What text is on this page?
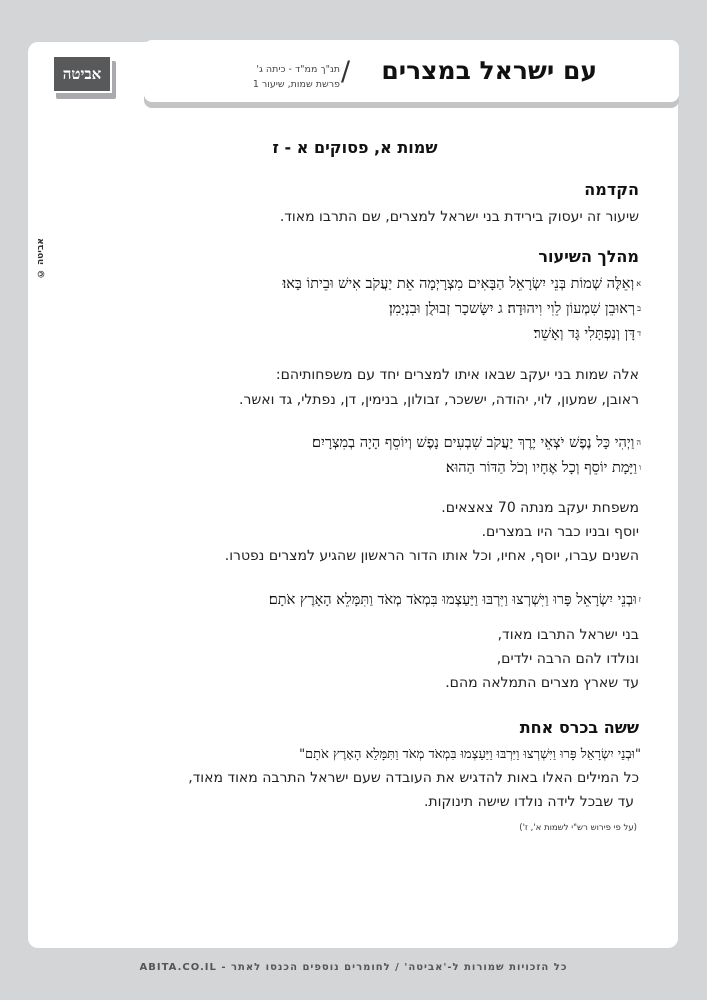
עם ישראל במצרים
/
תנ"ך ממ"ד - כיתה ג'
פרשת שמות, שיעור 1
אביטה
© אביטה
שמות א, פסוקים א - ז
הקדמה
שיעור זה יעסוק בירידת בני ישראל למצרים, שם התרבו מאוד.
מהלך השיעור
$^א$וְאֵלֶּה שְׁמוֹת בְּנֵי יִשְׂרָאֵל הַבָּאִים מִצְרָיְמָה אֵת יַעֲקֹב אִישׁ וּבֵיתוֹ בָּאוּ׃
$^ב$רְאוּבֵן שִׁמְעוֹן לֵוִי וִיהוּדָה׃ ג יִשָּׂשכָר זְבוּלֻן וּבִנְיָמִן׃
$^ד$דָּן וְנַפְתָּלִי גָּד וְאָשֵׁר׃
אלה שמות בני יעקב שבאו איתו למצרים יחד עם משפחותיהם:
ראובן, שמעון, לוי, יהודה, יששכר, זבולון, בנימין, דן, נפתלי, גד ואשר.
$^ה$וַיְהִי כָּל נֶפֶשׁ יֹצְאֵי יֶרֶךְ יַעֲקֹב שִׁבְעִים נָפֶשׁ וְיוֹסֵף הָיָה בְמִצְרָיִם׃
$^ו$וַיָּמָת יוֹסֵף וְכָל אֶחָיו וְכֹל הַדּוֹר הַהוּא׃
משפחת יעקב מנתה 70 צאצאים.
יוסף ובניו כבר היו במצרים.
השנים עברו, יוסף, אחיו, וכל אותו הדור הראשון שהגיע למצרים נפטרו.
$^ז$וּבְנֵי יִשְׂרָאֵל פָּרוּ וַיִּשְׁרְצוּ וַיִּרְבּוּ וַיַּעַצְמוּ בִּמְאֹד מְאֹד וַתִּמָּלֵא הָאָרֶץ אֹתָם׃
בני ישראל התרבו מאוד,
ונולדו להם הרבה ילדים,
עד שארץ מצרים התמלאה מהם.
ששה בכרס אחת
"וּבְנֵי יִשְׂרָאֵל פָּרוּ וַיִּשְׁרְצוּ וַיִּרְבּוּ וַיַּעַצְמוּ בִּמְאֹד מְאֹד וַתִּמָּלֵא הָאָרֶץ אֹתָם"
כל המילים האלו באות להדגיש את העובדה שעם ישראל התרבה מאוד מאוד,
עד שבכל לידה נולדו שישה תינוקות.
(על פי פירוש רש"י לשמות א', ז')
כל הזכויות שמורות ל-'אביטה' / לחומרים נוספים הכנסו לאתר - ABITA.CO.IL
